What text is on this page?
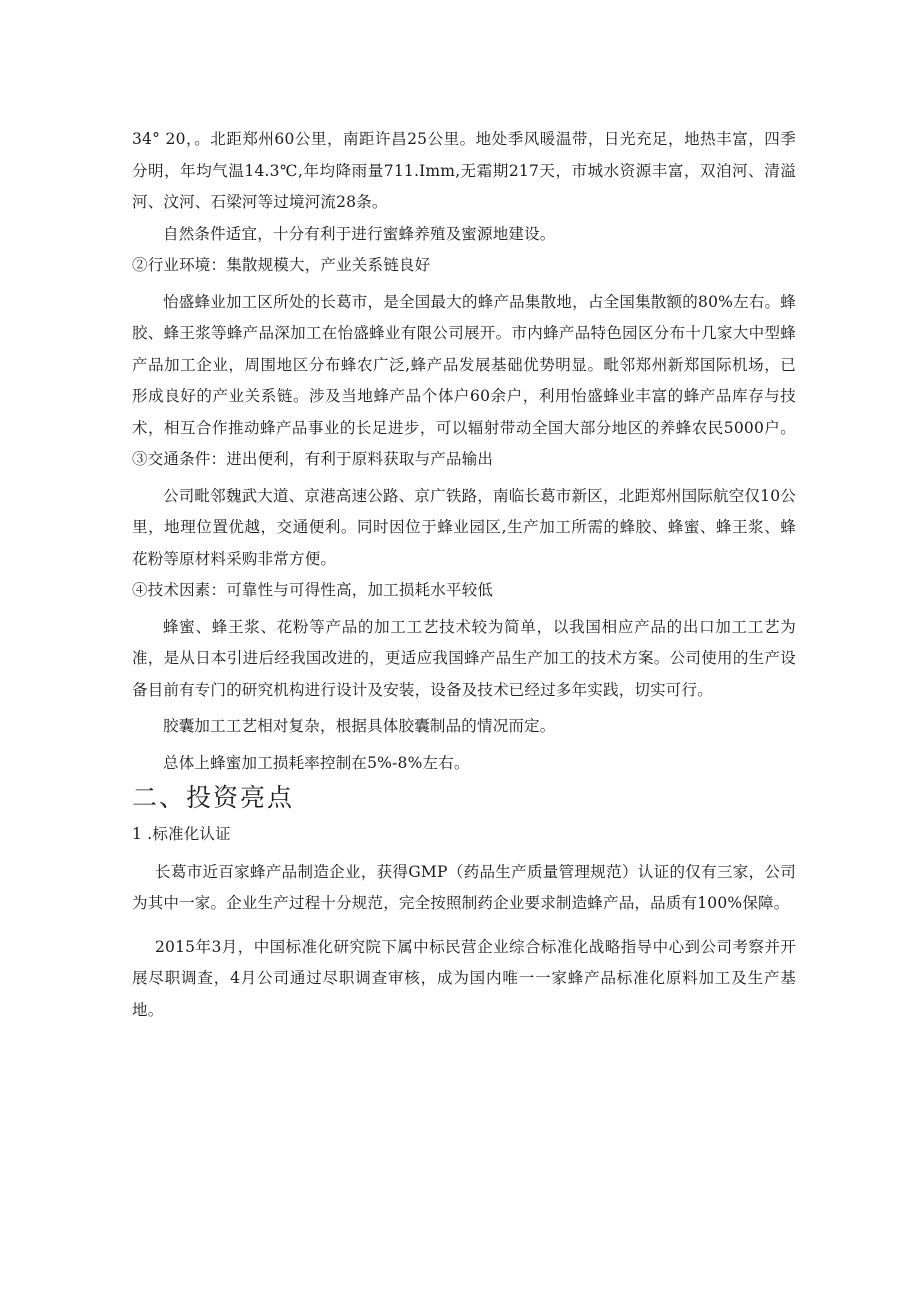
34° 20，。北距郑州60公里，南距许昌25公里。地处季风暖温带，日光充足，地热丰富，四季分明，年均气温14.3℃,年均降雨量711.Imm,无霜期217天，市城水资源丰富，双洎河、清溢河、汶河、石梁河等过境河流28条。

自然条件适宜，十分有利于进行蜜蜂养殖及蜜源地建设。

②行业环境：集散规模大，产业关系链良好

怡盛蜂业加工区所处的长葛市，是全国最大的蜂产品集散地，占全国集散额的80%左右。蜂胶、蜂王浆等蜂产品深加工在怡盛蜂业有限公司展开。市内蜂产品特色园区分布十几家大中型蜂产品加工企业，周围地区分布蜂农广泛,蜂产品发展基础优势明显。毗邻郑州新郑国际机场，已形成良好的产业关系链。涉及当地蜂产品个体户60余户，利用怡盛蜂业丰富的蜂产品库存与技术，相互合作推动蜂产品事业的长足进步，可以辐射带动全国大部分地区的养蜂农民5000户。③交通条件：进出便利，有利于原料获取与产品输出

公司毗邻魏武大道、京港高速公路、京广铁路，南临长葛市新区，北距郑州国际航空仅10公里，地理位置优越，交通便利。同时因位于蜂业园区,生产加工所需的蜂胶、蜂蜜、蜂王浆、蜂花粉等原材料采购非常方便。

④技术因素：可靠性与可得性高，加工损耗水平较低

蜂蜜、蜂王浆、花粉等产品的加工工艺技术较为简单，以我国相应产品的出口加工工艺为准，是从日本引进后经我国改进的，更适应我国蜂产品生产加工的技术方案。公司使用的生产设备目前有专门的研究机构进行设计及安装，设备及技术已经过多年实践，切实可行。

胶囊加工工艺相对复杂，根据具体胶囊制品的情况而定。

总体上蜂蜜加工损耗率控制在5%-8%左右。

二、投资亮点

1 .标准化认证

长葛市近百家蜂产品制造企业，获得GMP（药品生产质量管理规范）认证的仅有三家，公司为其中一家。企业生产过程十分规范，完全按照制药企业要求制造蜂产品，品质有100%保障。

2015年3月，中国标准化研究院下属中标民营企业综合标准化战略指导中心到公司考察并开展尽职调查，4月公司通过尽职调查审核，成为国内唯一一家蜂产品标准化原料加工及生产基地。
